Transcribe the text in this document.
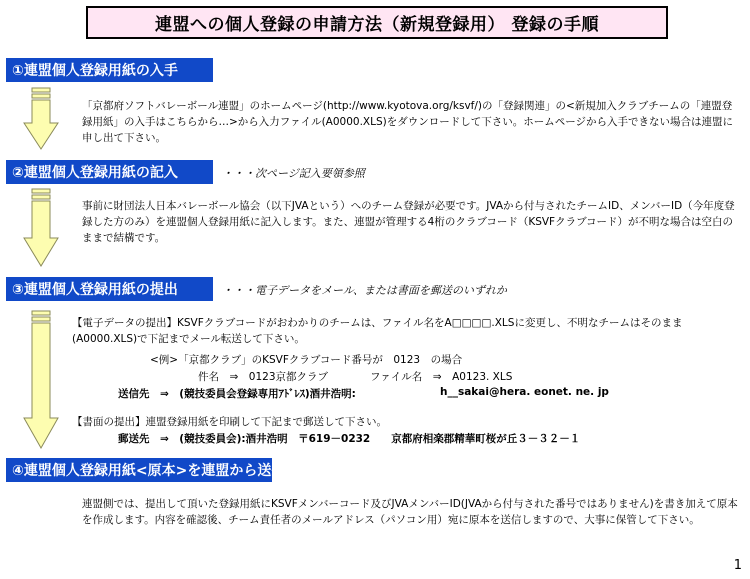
連盟への個人登録の申請方法（新規登録用） 登録の手順
①連盟個人登録用紙の入手
「京都府ソフトバレーボール連盟」のホームページ(http://www.kyotova.org/ksvf/)の「登録関連」の<新規加入クラブチームの「連盟登録用紙」の入手はこちらから…>から入力ファイル(A0000.XLS)をダウンロードして下さい。ホームページから入手できない場合は連盟に申し出て下さい。
②連盟個人登録用紙の記入	・・・次ページ記入要領参照
事前に財団法人日本バレーボール協会（以下JVAという）へのチーム登録が必要です。JVAから付与されたチームID、メンバーID（今年度登録した方のみ）を連盟個人登録用紙に記入します。また、連盟が管理する4桁のクラブコード（KSVFクラブコード）が不明な場合は空白のままで結構です。
③連盟個人登録用紙の提出	・・・電子データをメール、または書面を郵送のいずれか
【電子データの提出】KSVFクラブコードがおわかりのチームは、ファイル名をA□□□□.XLSに変更し、不明なチームはそのまま(A0000.XLS)で下記までメール転送して下さい。
<例>「京都クラブ」のKSVFクラブコード番号が　0123　の場合
件名　⇒　0123京都クラブ　　　　ファイル名　⇒　A0123. XLS
送信先　⇒　(競技委員会登録専用ｱﾄﾞﾚｽ)酒井浩明:	h__sakai@hera. eonet. ne. jp
【書面の提出】連盟登録用紙を印刷して下記まで郵送して下さい。
郵送先　⇒　(競技委員会):酒井浩明　〒619－0232　　京都府相楽郡精華町桜が丘３－３２－１
④連盟個人登録用紙<原本>を連盟から送信
連盟側では、提出して頂いた登録用紙にKSVFメンバーコード及びJVAメンバーID(JVAから付与された番号ではありません)を書き加えて原本を作成します。内容を確認後、チーム責任者のメールアドレス（パソコン用）宛に原本を送信しますので、大事に保管して下さい。
1
